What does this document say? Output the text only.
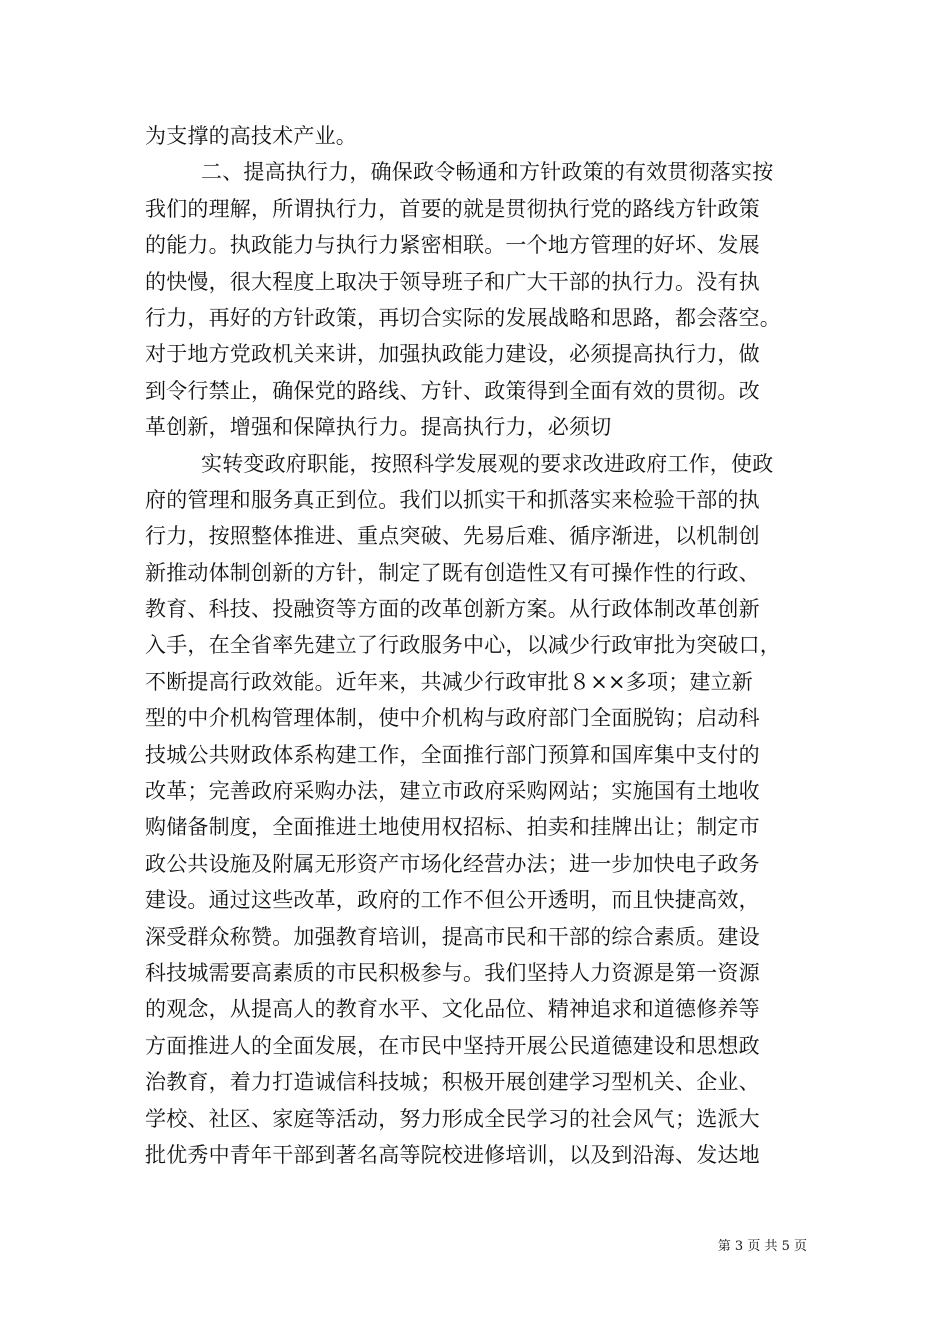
为支撑的高技术产业。
二、提高执行力，确保政令畅通和方针政策的有效贯彻落实按
我们的理解，所谓执行力，首要的就是贯彻执行党的路线方针政策
的能力。执政能力与执行力紧密相联。一个地方管理的好坏、发展
的快慢，很大程度上取决于领导班子和广大干部的执行力。没有执
行力，再好的方针政策，再切合实际的发展战略和思路，都会落空。
对于地方党政机关来讲，加强执政能力建设，必须提高执行力，做
到令行禁止，确保党的路线、方针、政策得到全面有效的贯彻。改
革创新，增强和保障执行力。提高执行力，必须切
实转变政府职能，按照科学发展观的要求改进政府工作，使政
府的管理和服务真正到位。我们以抓实干和抓落实来检验干部的执
行力，按照整体推进、重点突破、先易后难、循序渐进，以机制创
新推动体制创新的方针，制定了既有创造性又有可操作性的行政、
教育、科技、投融资等方面的改革创新方案。从行政体制改革创新
入手，在全省率先建立了行政服务中心，以减少行政审批为突破口，
不断提高行政效能。近年来，共减少行政审批８××多项；建立新
型的中介机构管理体制，使中介机构与政府部门全面脱钩；启动科
技城公共财政体系构建工作，全面推行部门预算和国库集中支付的
改革；完善政府采购办法，建立市政府采购网站；实施国有土地收
购储备制度，全面推进土地使用权招标、拍卖和挂牌出让；制定市
政公共设施及附属无形资产市场化经营办法；进一步加快电子政务
建设。通过这些改革，政府的工作不但公开透明，而且快捷高效，
深受群众称赞。加强教育培训，提高市民和干部的综合素质。建设
科技城需要高素质的市民积极参与。我们坚持人力资源是第一资源
的观念，从提高人的教育水平、文化品位、精神追求和道德修养等
方面推进人的全面发展，在市民中坚持开展公民道德建设和思想政
治教育，着力打造诚信科技城；积极开展创建学习型机关、企业、
学校、社区、家庭等活动，努力形成全民学习的社会风气；选派大
批优秀中青年干部到著名高等院校进修培训，以及到沿海、发达地
第 3 页 共 5 页
